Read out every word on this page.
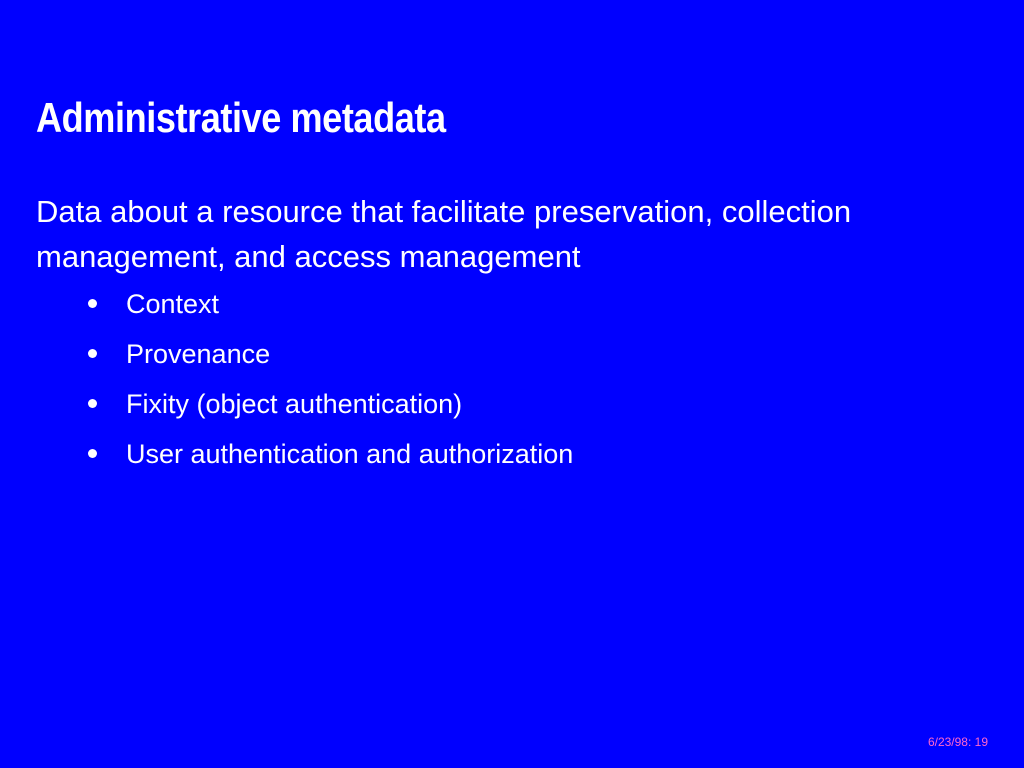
Administrative metadata

Data about a resource that facilitate preservation, collection management, and access management

Context
Provenance
Fixity (object authentication)
User authentication and authorization
6/23/98: 19
